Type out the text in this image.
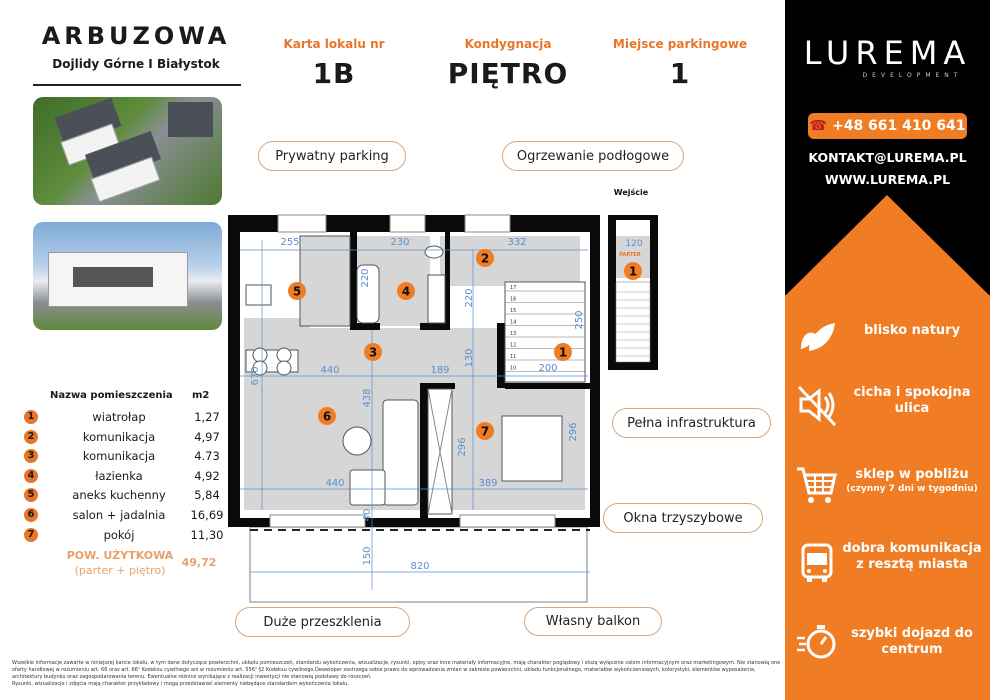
ARBUZOWA
Dojlidy Górne I Białystok
Karta lokalu nr
1B
Kondygnacja
PIĘTRO
Miejsce parkingowe
1
Prywatny parking	Ogrzewanie podłogowe
Pełna infrastruktura
Okna trzyszybowe
Duże przeszklenia	Własny balkon
Nazwa pomieszczenia m2
1	wiatrołap	1,27
2	komunikacja	4,97
3	komunikacja	4.73
4	łazienka	4,92
5	aneks kuchenny	5,84
6	salon + jadalnia	16,69
7	pokój	11,30
POW. UŻYTKOWA
(parter + piętro)
49,72
17
16
15
14
13
12
11
10
255	230	332
220
220
130
250
670	440	189	200
438
296
296
440	389
40
150
820
Wejście
120
1
2
3
4
5
6
7
1
PARTER
Wszelkie informacje zawarte w niniejszej karcie lokalu, w tym dane dotyczące powierzchni, układu pomieszczeń, standardu wykończenia, wizualizacje, rysunki, opisy oraz inne materiały informacyjne, mają charakter poglądowy i służą wyłącznie celom informacyjnym oraz marketingowym. Nie stanowią one oferty handlowej w rozumieniu art. 66 oraz art. 66¹ Kodeksu cywilnego ani w rozumieniu art. 556¹ §2 Kodeksu cywilnego.Deweloper zastrzega sobie prawo do wprowadzania zmian w zakresie powierzchni, układu funkcjonalnego, materiałów wykończeniowych, kolorystyki, elementów wyposażenia, architektury budynku oraz zagospodarowania terenu. Ewentualne różnice wynikające z realizacji inwestycji nie stanowią podstawy do roszczeń.
Rysunki, wizualizacje i zdjęcia mają charakter przykładowy i mogą przedstawiać elementy niebędące standardem wykończenia lokalu.
LUREMA
DEVELOPMENT
☎ +48 661 410 641
KONTAKT@LUREMA.PL
WWW.LUREMA.PL
blisko natury
cicha i spokojna ulica
sklep w pobliżu
(czynny 7 dni w tygodniu)
dobra komunikacja z resztą miasta
szybki dojazd do centrum
